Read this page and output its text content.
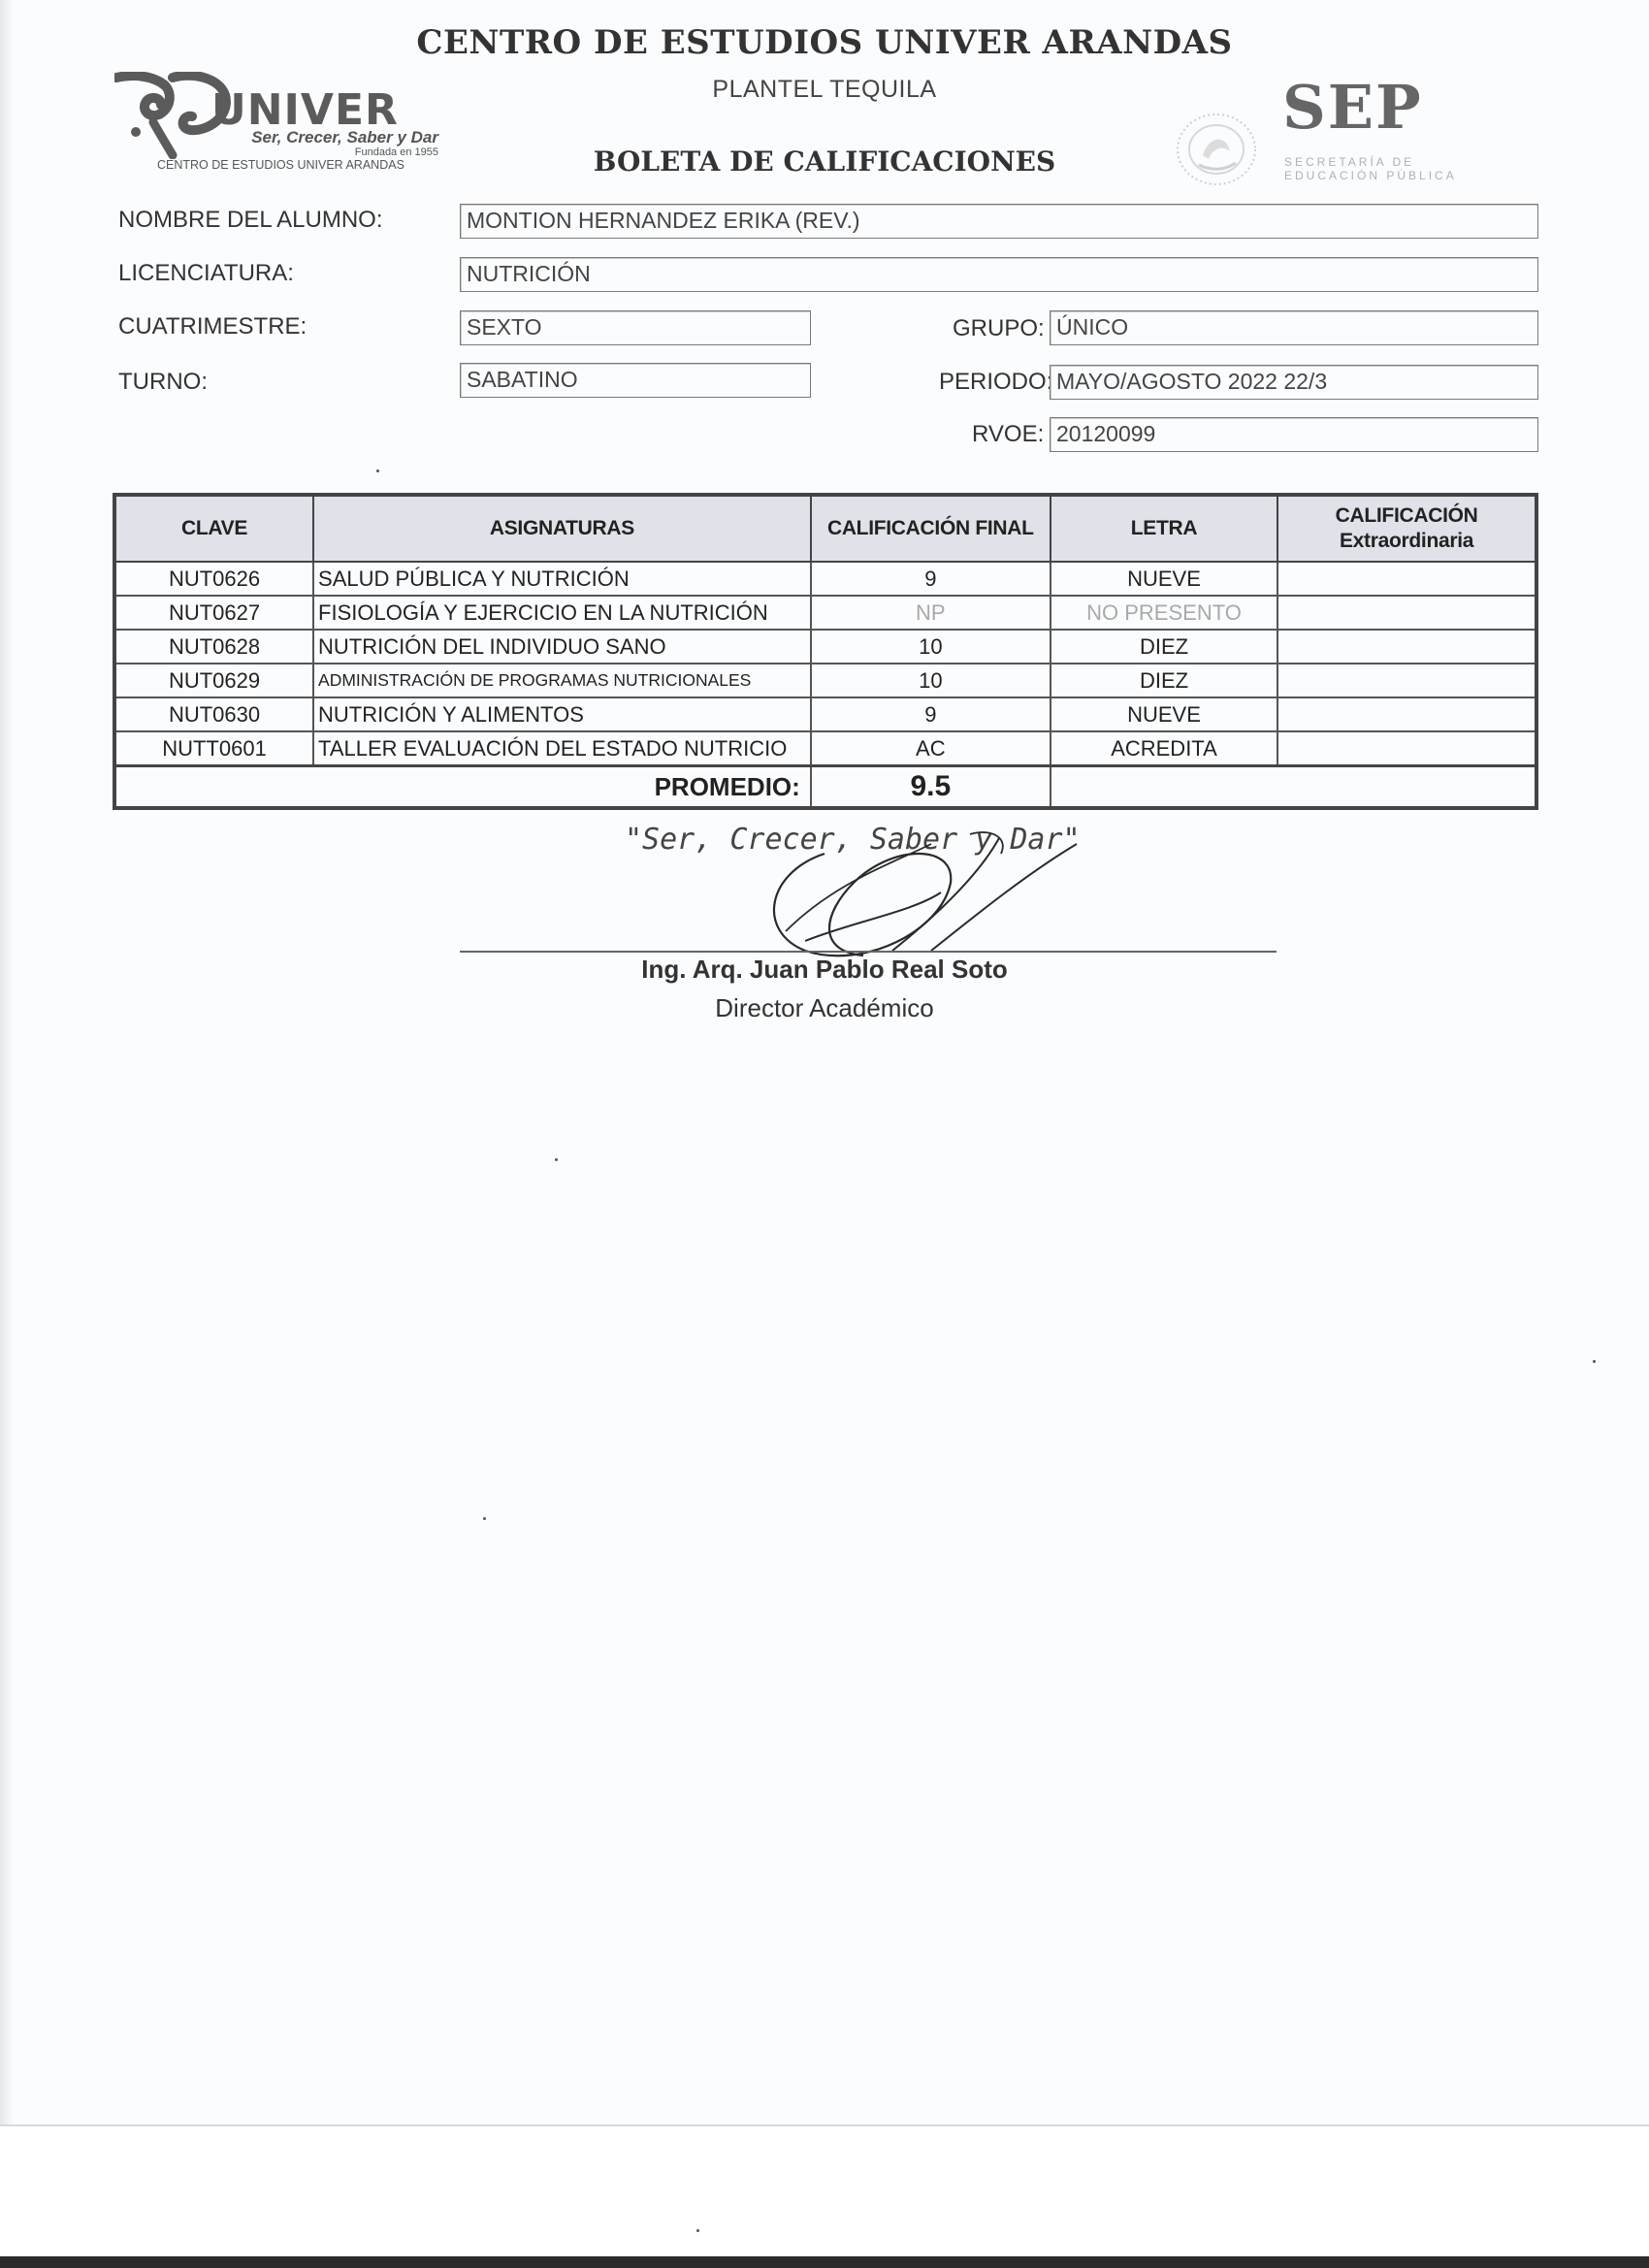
CENTRO DE ESTUDIOS UNIVER ARANDAS
PLANTEL TEQUILA
BOLETA DE CALIFICACIONES
UNIVER
Ser, Crecer, Saber y Dar
Fundada en 1955
CENTRO DE ESTUDIOS UNIVER ARANDAS
SEP
SECRETARÍA DE EDUCACIÓN PÚBLICA
NOMBRE DEL ALUMNO:	MONTION HERNANDEZ ERIKA (REV.)
LICENCIATURA:	NUTRICIÓN
CUATRIMESTRE:	SEXTO	GRUPO: ÚNICO
TURNO:	SABATINO	PERIODO: MAYO/AGOSTO 2022 22/3
RVOE: 20120099
CLAVE	ASIGNATURAS	CALIFICACIÓN FINAL	LETRA	CALIFICACIÓN
Extraordinaria

NUT0626	SALUD PÚBLICA Y NUTRICIÓN	9	NUEVE	
NUT0627	FISIOLOGÍA Y EJERCICIO EN LA NUTRICIÓN	NP	NO PRESENTO	
NUT0628	NUTRICIÓN DEL INDIVIDUO SANO	10	DIEZ	
NUT0629	ADMINISTRACIÓN DE PROGRAMAS NUTRICIONALES	10	DIEZ	
NUT0630	NUTRICIÓN Y ALIMENTOS	9	NUEVE	
NUTT0601	TALLER EVALUACIÓN DEL ESTADO NUTRICIO	AC	ACREDITA	
PROMEDIO:		9.5		
"Ser, Crecer, Saber y Dar"
Ing. Arq. Juan Pablo Real Soto
Director Académico
